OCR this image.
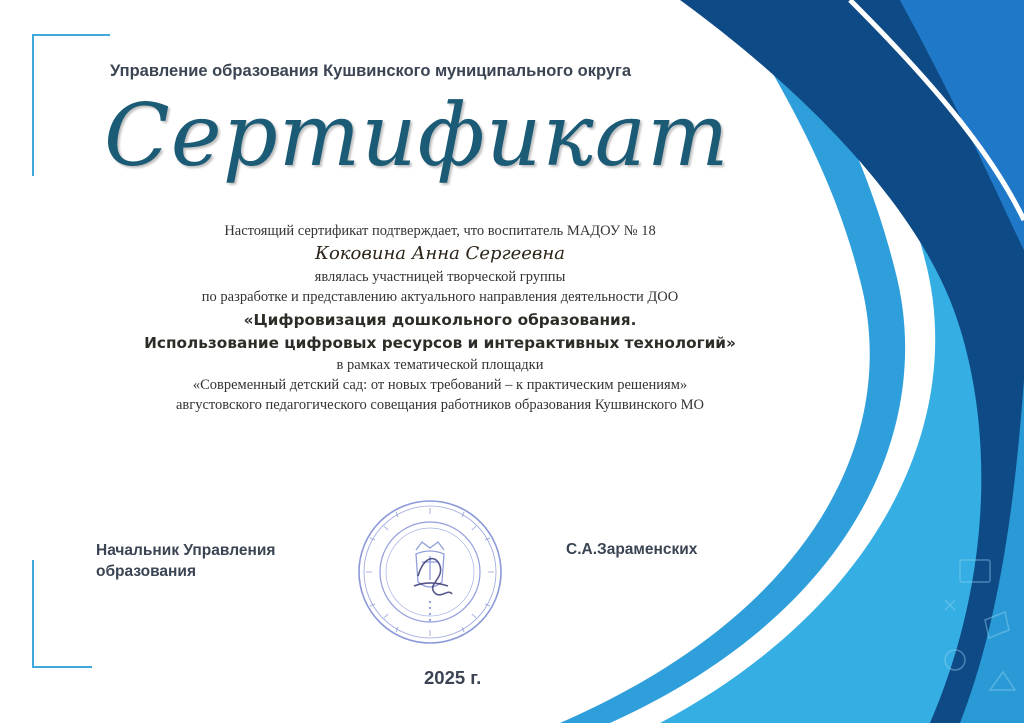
Управление образования Кушвинского муниципального округа
Сертификат
Настоящий сертификат подтверждает, что воспитатель МАДОУ № 18
Коковина Анна Сергеевна
являлась участницей творческой группы
по разработке и представлению актуального направления деятельности ДОО
«Цифровизация дошкольного образования.
Использование цифровых ресурсов и интерактивных технологий»
в рамках тематической площадки
«Современный детский сад: от новых требований – к практическим решениям»
августовского педагогического совещания работников образования Кушвинского МО
Начальник Управления
образования
С.А.Зараменских
2025 г.
